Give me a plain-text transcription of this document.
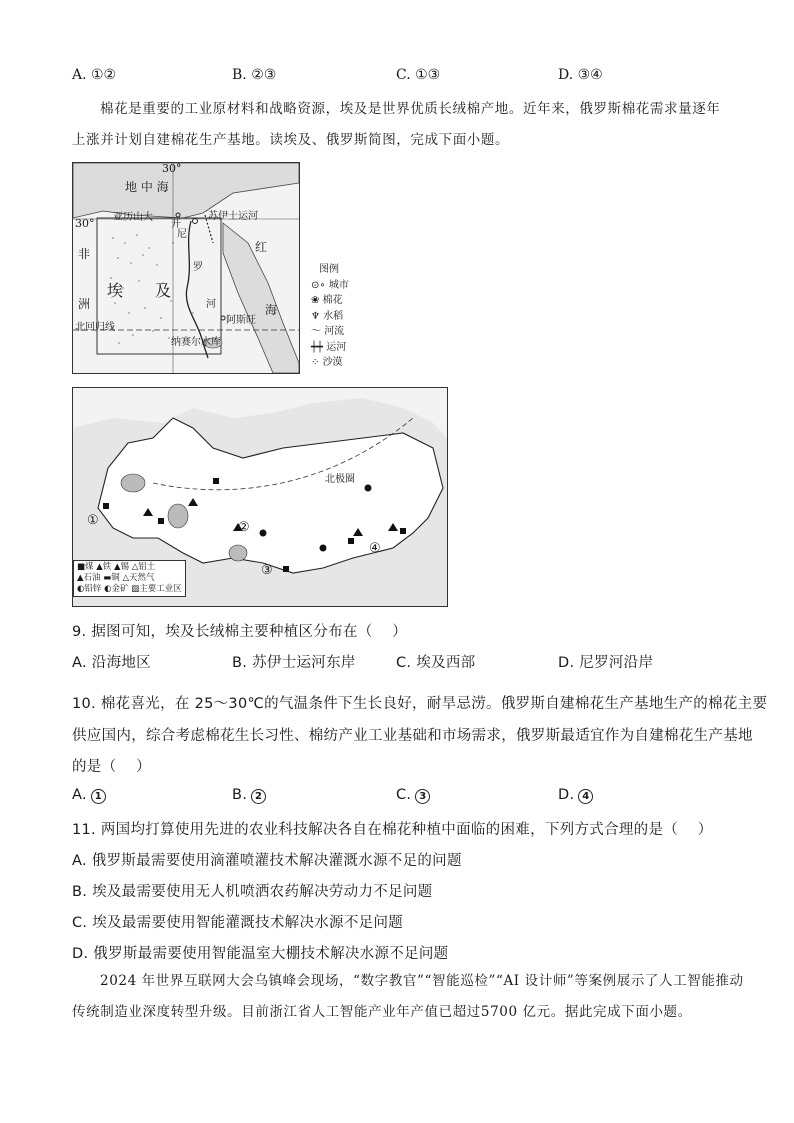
A. ①②	B. ②③	C. ①③	D. ③④
棉花是重要的工业原材料和战略资源，埃及是世界优质长绒棉产地。近年来，俄罗斯棉花需求量逐年
上涨并计划自建棉花生产基地。读埃及、俄罗斯简图，完成下面小题。
30°
30°
地 中 海
亚历山大
开
苏伊士运河
非
洲
埃　　及
尼
罗
河
红
海
阿斯旺
北回归线
纳赛尔水库
图例
⊙∘ 城市
❀ 棉花
♆ 水稻
〜 河流
┿┿ 运河
⁘ 沙漠
北极圈
①	②
③
④
■煤 ▲铁 ▲锡 △铝土
▲石油 ▬铜 △天然气
◐铅锌 ◐金矿 ▨主要工业区
9. 据图可知，埃及长绒棉主要种植区分布在（　 ）
A. 沿海地区	B. 苏伊士运河东岸	C. 埃及西部	D. 尼罗河沿岸
10. 棉花喜光，在 25～30℃的气温条件下生长良好，耐旱忌涝。俄罗斯自建棉花生产基地生产的棉花主要
供应国内，综合考虑棉花生长习性、棉纺产业工业基础和市场需求，俄罗斯最适宜作为自建棉花生产基地
的是（　 ）
A. 1	B. 2	C. 3	D. 4
11. 两国均打算使用先进的农业科技解决各自在棉花种植中面临的困难，下列方式合理的是（　 ）
A. 俄罗斯最需要使用滴灌喷灌技术解决灌溉水源不足的问题
B. 埃及最需要使用无人机喷洒农药解决劳动力不足问题
C. 埃及最需要使用智能灌溉技术解决水源不足问题
D. 俄罗斯最需要使用智能温室大棚技术解决水源不足问题
2024 年世界互联网大会乌镇峰会现场，“数字教官”“智能巡检”“AI 设计师”等案例展示了人工智能推动
传统制造业深度转型升级。目前浙江省人工智能产业年产值已超过5700 亿元。据此完成下面小题。
